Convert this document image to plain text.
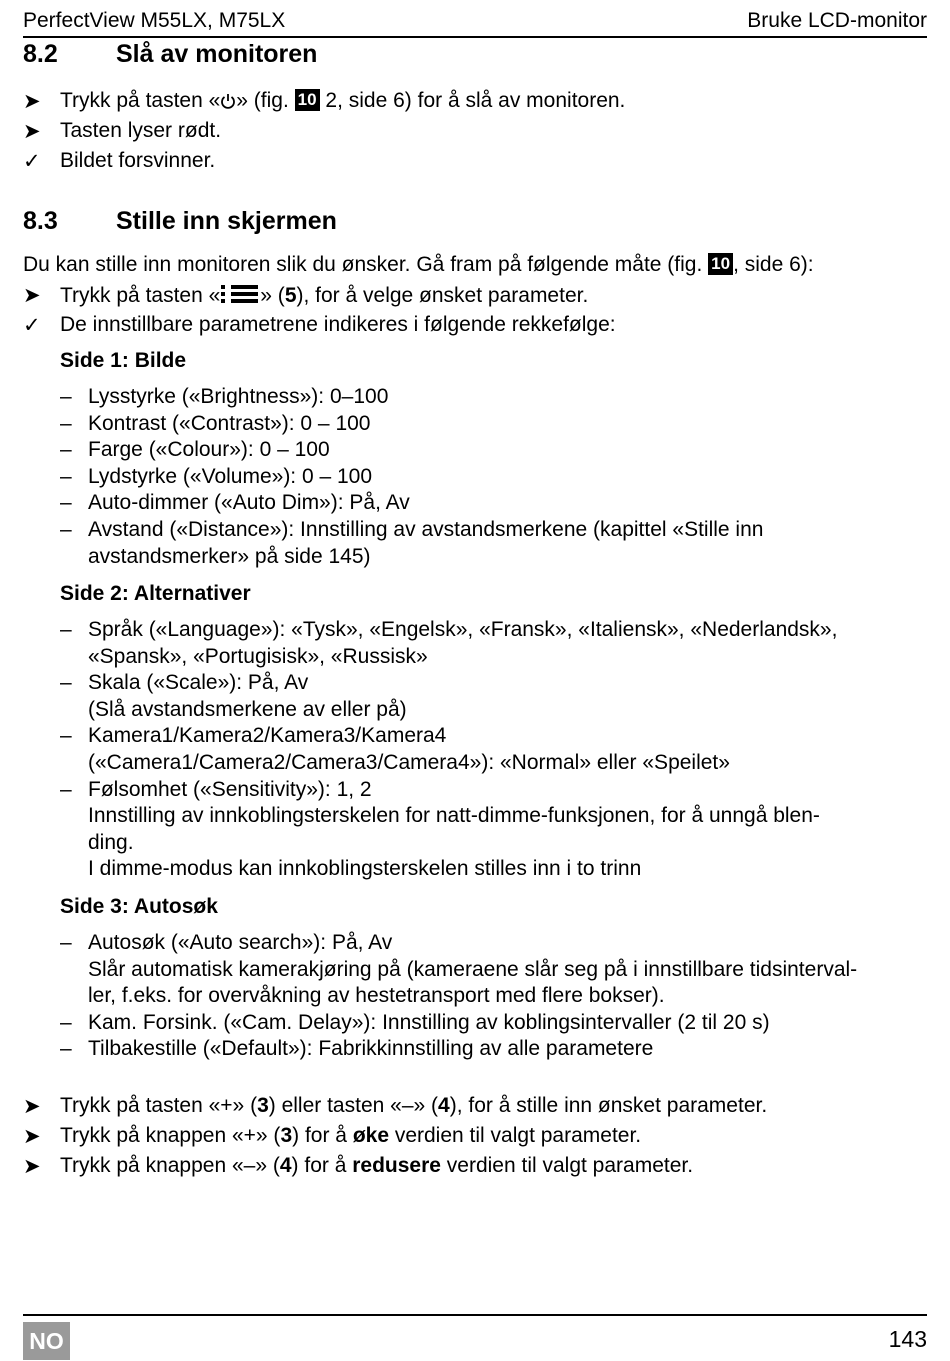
PerfectView M55LX, M75LX	Bruke LCD-monitor
8.2 Slå av monitoren
➤ Trykk på tasten « » (fig. 10 2, side 6) for å slå av monitoren.
➤ Tasten lyser rødt.
✓ Bildet forsvinner.
8.3 Stille inn skjermen
Du kan stille inn monitoren slik du ønsker. Gå fram på følgende måte (fig. 10 , side 6):
➤ Trykk på tasten « » (5), for å velge ønsket parameter.
✓ De innstillbare parametrene indikeres i følgende rekkefølge:
Side 1: Bilde
– Lysstyrke («Brightness»): 0–100
– Kontrast («Contrast»): 0 – 100
– Farge («Colour»): 0 – 100
– Lydstyrke («Volume»): 0 – 100
– Auto-dimmer («Auto Dim»): På, Av
– Avstand («Distance»): Innstilling av avstandsmerkene (kapittel «Stille inn
avstandsmerker» på side 145)
Side 2: Alternativer
– Språk («Language»): «Tysk», «Engelsk», «Fransk», «Italiensk», «Nederlandsk»,
«Spansk», «Portugisisk», «Russisk»
– Skala («Scale»): På, Av
(Slå avstandsmerkene av eller på)
– Kamera1/Kamera2/Kamera3/Kamera4
(«Camera1/Camera2/Camera3/Camera4»): «Normal» eller «Speilet»
– Følsomhet («Sensitivity»): 1, 2
Innstilling av innkoblingsterskelen for natt-dimme-funksjonen, for å unngå blen-
ding.
I dimme-modus kan innkoblingsterskelen stilles inn i to trinn
Side 3: Autosøk
– Autosøk («Auto search»): På, Av
Slår automatisk kamerakjøring på (kameraene slår seg på i innstillbare tidsinterval-
ler, f.eks. for overvåkning av hestetransport med flere bokser).
– Kam. Forsink. («Cam. Delay»): Innstilling av koblingsintervaller (2 til 20 s)
– Tilbakestille («Default»): Fabrikkinnstilling av alle parametere
➤ Trykk på tasten «+» (3) eller tasten «–» (4), for å stille inn ønsket parameter.
➤ Trykk på knappen «+» (3) for å øke verdien til valgt parameter.
➤ Trykk på knappen «–» (4) for å redusere verdien til valgt parameter.
NO	143
